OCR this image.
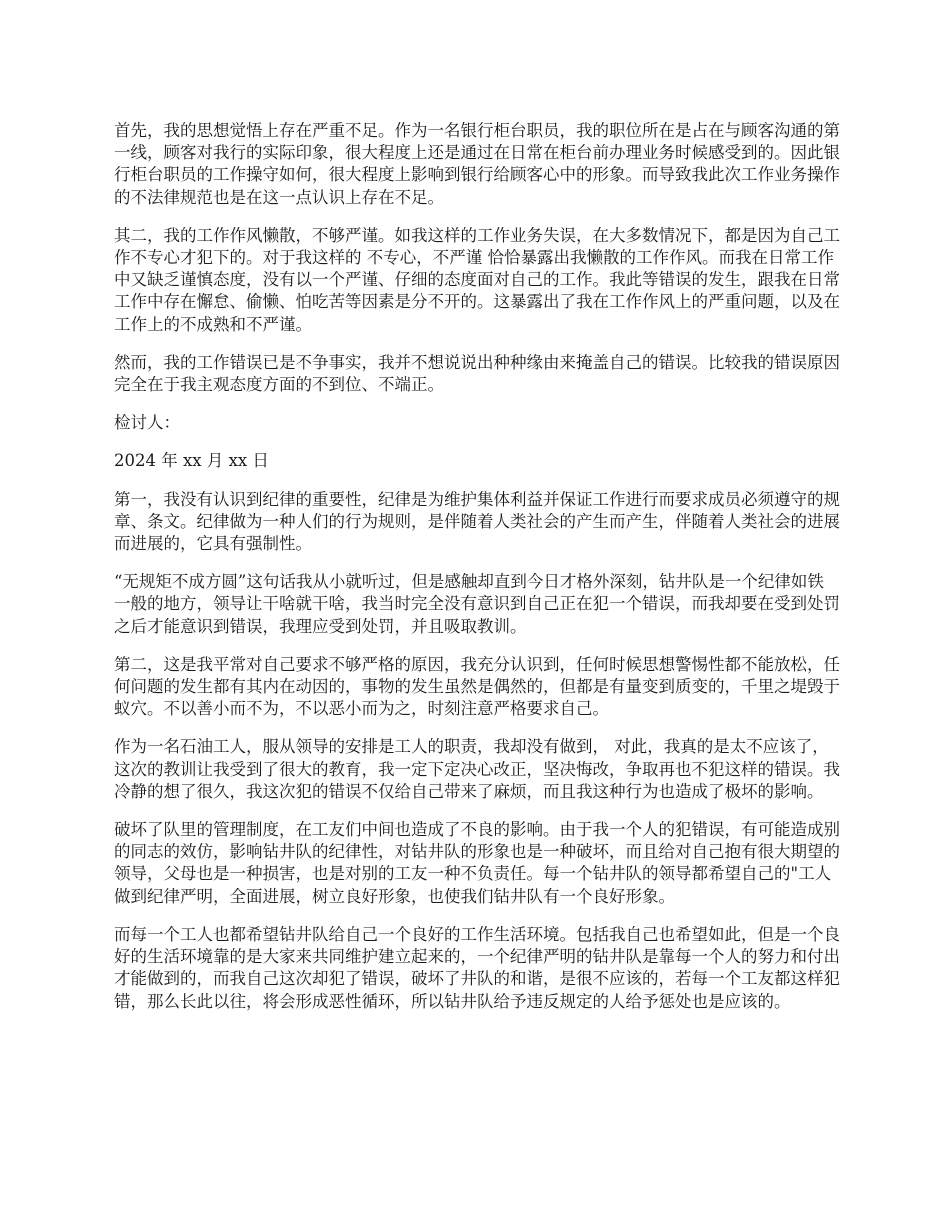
首先，我的思想觉悟上存在严重不足。作为一名银行柜台职员，我的职位所在是占在与顾客沟通的第一线，顾客对我行的实际印象，很大程度上还是通过在日常在柜台前办理业务时候感受到的。因此银行柜台职员的工作操守如何，很大程度上影响到银行给顾客心中的形象。而导致我此次工作业务操作的不法律规范也是在这一点认识上存在不足。

其二，我的工作作风懒散，不够严谨。如我这样的工作业务失误，在大多数情况下，都是因为自己工作不专心才犯下的。对于我这样的 不专心，不严谨 恰恰暴露出我懒散的工作作风。而我在日常工作中又缺乏谨慎态度，没有以一个严谨、仔细的态度面对自己的工作。我此等错误的发生，跟我在日常工作中存在懈怠、偷懒、怕吃苦等因素是分不开的。这暴露出了我在工作作风上的严重问题，以及在工作上的不成熟和不严谨。

然而，我的工作错误已是不争事实，我并不想说说出种种缘由来掩盖自己的错误。比较我的错误原因完全在于我主观态度方面的不到位、不端正。

检讨人：

2024 年 xx 月 xx 日

第一，我没有认识到纪律的重要性，纪律是为维护集体利益并保证工作进行而要求成员必须遵守的规章、条文。纪律做为一种人们的行为规则，是伴随着人类社会的产生而产生，伴随着人类社会的进展而进展的，它具有强制性。

“无规矩不成方圆”这句话我从小就听过，但是感触却直到今日才格外深刻，钻井队是一个纪律如铁一般的地方，领导让干啥就干啥，我当时完全没有意识到自己正在犯一个错误，而我却要在受到处罚之后才能意识到错误，我理应受到处罚，并且吸取教训。

第二，这是我平常对自己要求不够严格的原因，我充分认识到，任何时候思想警惕性都不能放松，任何问题的发生都有其内在动因的，事物的发生虽然是偶然的，但都是有量变到质变的，千里之堤毁于蚁穴。不以善小而不为，不以恶小而为之，时刻注意严格要求自己。

作为一名石油工人，服从领导的安排是工人的职责，我却没有做到， 对此，我真的是太不应该了，这次的教训让我受到了很大的教育，我一定下定决心改正，坚决悔改，争取再也不犯这样的错误。我冷静的想了很久，我这次犯的错误不仅给自己带来了麻烦，而且我这种行为也造成了极坏的影响。

破坏了队里的管理制度，在工友们中间也造成了不良的影响。由于我一个人的犯错误，有可能造成别的同志的效仿，影响钻井队的纪律性，对钻井队的形象也是一种破坏，而且给对自己抱有很大期望的领导，父母也是一种损害，也是对别的工友一种不负责任。每一个钻井队的领导都希望自己的"工人做到纪律严明，全面进展，树立良好形象，也使我们钻井队有一个良好形象。

而每一个工人也都希望钻井队给自己一个良好的工作生活环境。包括我自己也希望如此，但是一个良好的生活环境靠的是大家来共同维护建立起来的，一个纪律严明的钻井队是靠每一个人的努力和付出才能做到的，而我自己这次却犯了错误，破坏了井队的和谐，是很不应该的，若每一个工友都这样犯错，那么长此以往，将会形成恶性循环，所以钻井队给予违反规定的人给予惩处也是应该的。
